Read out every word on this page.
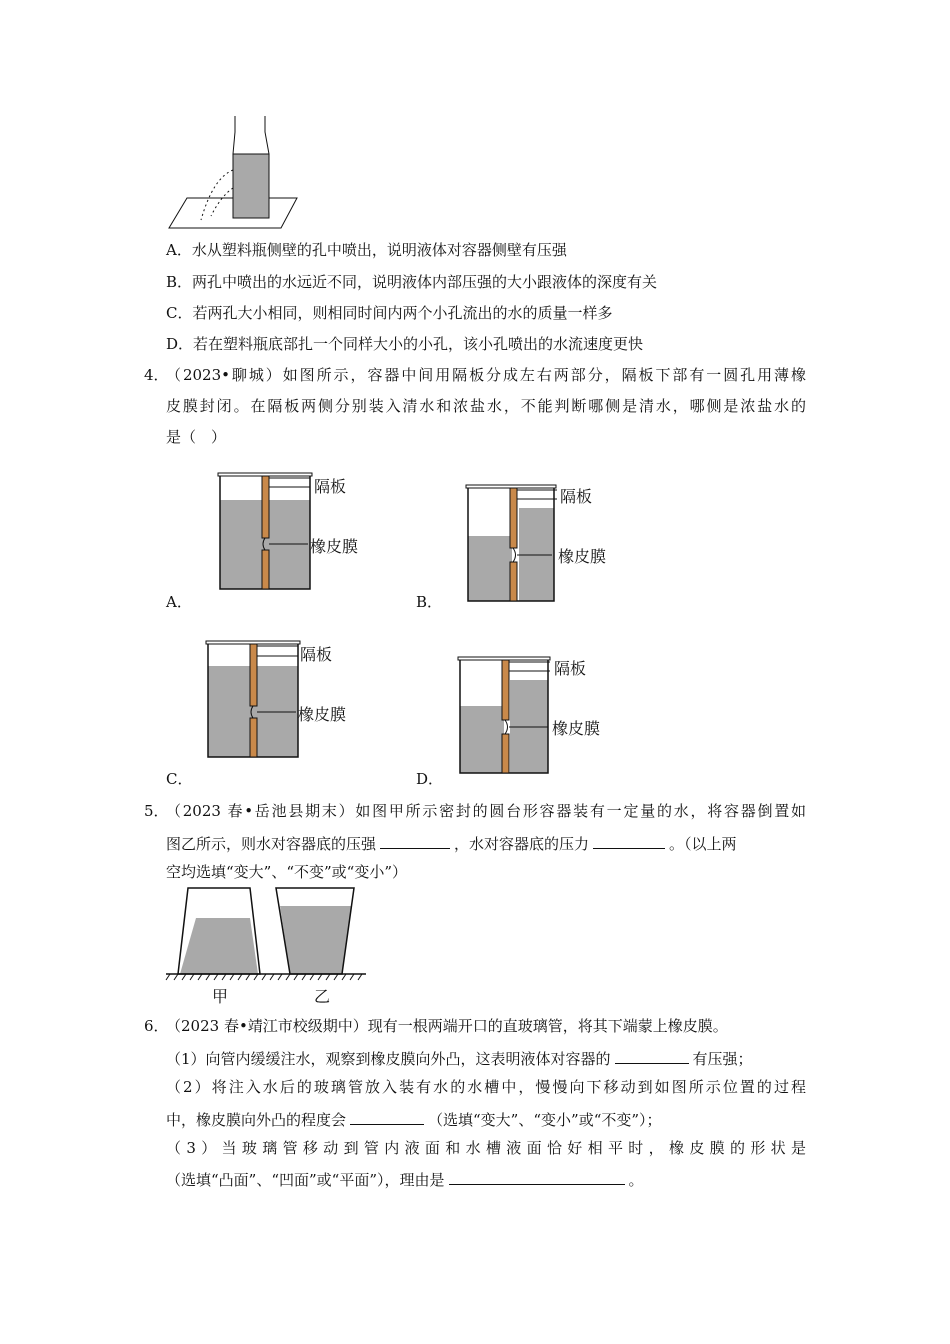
A．水从塑料瓶侧壁的孔中喷出，说明液体对容器侧壁有压强
B．两孔中喷出的水远近不同，说明液体内部压强的大小跟液体的深度有关
C．若两孔大小相同，则相同时间内两个小孔流出的水的质量一样多
D．若在塑料瓶底部扎一个同样大小的小孔，该小孔喷出的水流速度更快
4．
（2023•聊城）如图所示，容器中间用隔板分成左右两部分，隔板下部有一圆孔用薄橡
皮膜封闭。在隔板两侧分别装入清水和浓盐水，不能判断哪侧是清水，哪侧是浓盐水的
是（　）
隔板
橡皮膜
A．
隔板
橡皮膜
B．
隔板
橡皮膜
C．
隔板
橡皮膜
D．
5．
（2023 春•岳池县期末）如图甲所示密封的圆台形容器装有一定量的水，将容器倒置如
图乙所示，则水对容器底的压强	，水对容器底的压力	。（以上两
空均选填“变大”、“不变”或“变小”）
甲	乙
6．
（2023 春•靖江市校级期中）现有一根两端开口的直玻璃管，将其下端蒙上橡皮膜。
（1）向管内缓缓注水，观察到橡皮膜向外凸，这表明液体对容器的	有压强；
（2）将注入水后的玻璃管放入装有水的水槽中，慢慢向下移动到如图所示位置的过程
中，橡皮膜向外凸的程度会	（选填“变大”、“变小”或“不变”）；
（3）当玻璃管移动到管内液面和水槽液面恰好相平时，橡皮膜的形状是
（选填“凸面”、“凹面”或“平面”），理由是	。
